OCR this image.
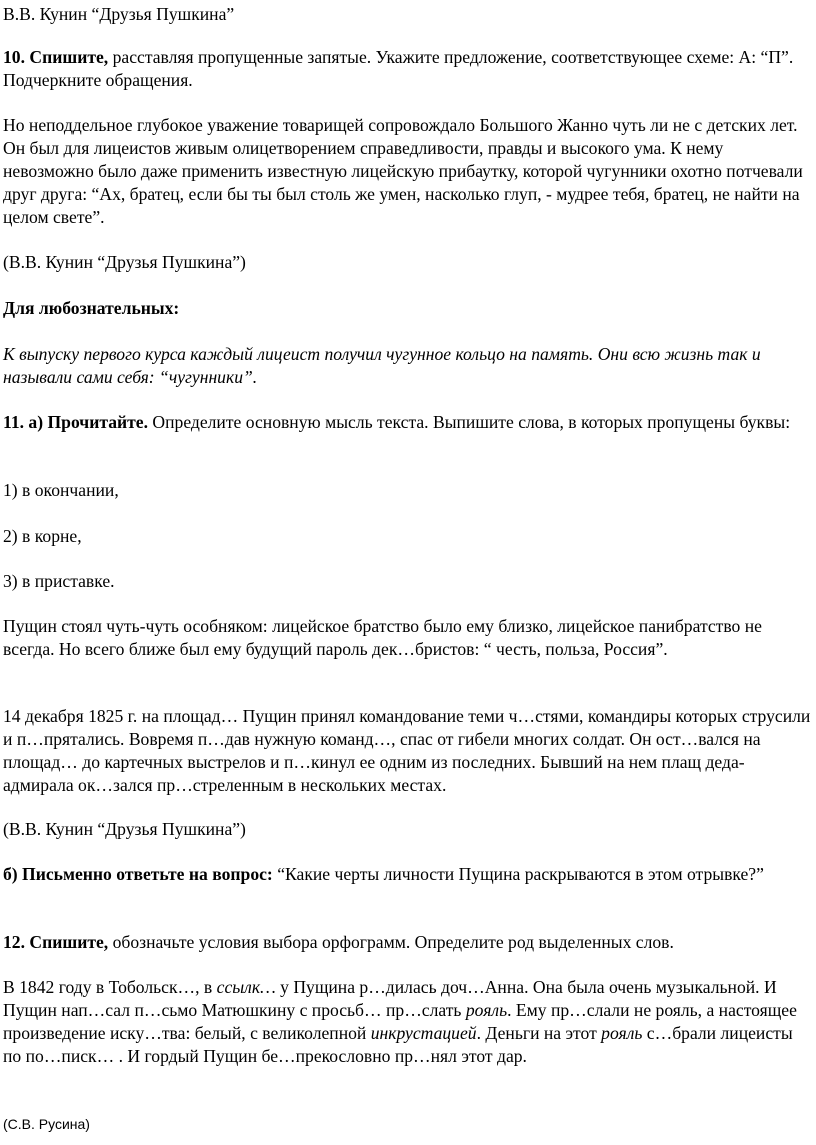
В.В. Кунин “Друзья Пушкина”

10. Спишите, расставляя пропущенные запятые. Укажите предложение, соответствующее схеме: А: “П”. Подчеркните обращения.

Но неподдельное глубокое уважение товарищей сопровождало Большого Жанно чуть ли не с детских лет. Он был для лицеистов живым олицетворением справедливости, правды и высокого ума. К нему невозможно было даже применить известную лицейскую прибаутку, которой чугунники охотно потчевали друг друга: “Ах, братец, если бы ты был столь же умен, насколько глуп, - мудрее тебя, братец, не найти на целом свете”.

(В.В. Кунин “Друзья Пушкина”)

Для любознательных:

К выпуску первого курса каждый лицеист получил чугунное кольцо на память. Они всю жизнь так и называли сами себя: “чугунники”.

11. а) Прочитайте. Определите основную мысль текста. Выпишите слова, в которых пропущены буквы:

1) в окончании,

2) в корне,

3) в приставке.

Пущин стоял чуть-чуть особняком: лицейское братство было ему близко, лицейское панибратство не всегда. Но всего ближе был ему будущий пароль дек…бристов: “ честь, польза, Россия”.

14 декабря 1825 г. на площад… Пущин принял командование теми ч…стями, командиры которых струсили и п…прятались. Вовремя п…дав нужную команд…, спас от гибели многих солдат. Он ост…вался на площад… до картечных выстрелов и п…кинул ее одним из последних. Бывший на нем плащ деда-адмирала ок…зался пр…стреленным в нескольких местах.

(В.В. Кунин “Друзья Пушкина”)

б) Письменно ответьте на вопрос: “Какие черты личности Пущина раскрываются в этом отрывке?”

12. Спишите, обозначьте условия выбора орфограмм. Определите род выделенных слов.

В 1842 году в Тобольск…, в ссылк… у Пущина р…дилась доч…Анна. Она была очень музыкальной. И Пущин нап…сал п…сьмо Матюшкину с просьб… пр…слать рояль. Ему пр…слали не рояль, а настоящее произведение иску…тва: белый, с великолепной инкрустацией. Деньги на этот рояль с…брали лицеисты по по…писк… . И гордый Пущин бе…прекословно пр…нял этот дар.

(С.В. Русина)
